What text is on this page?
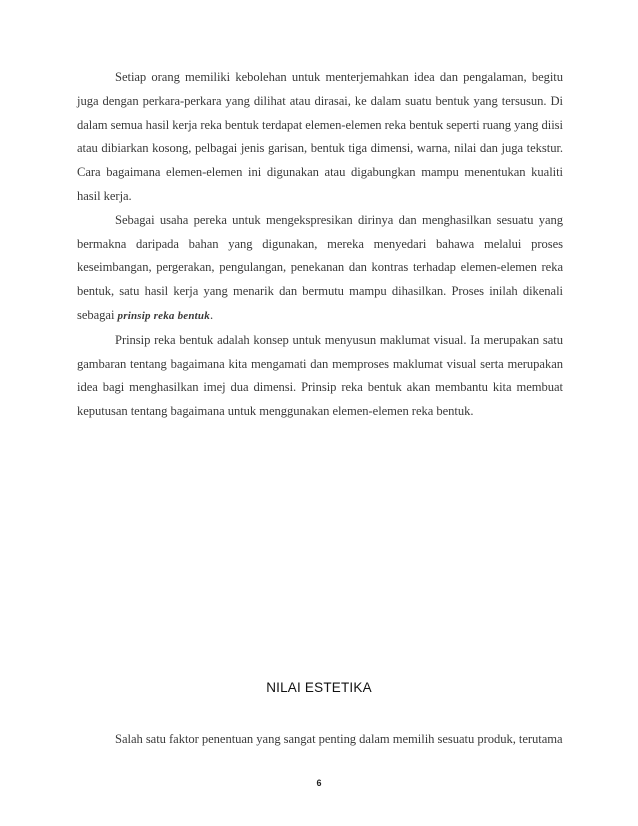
Setiap orang memiliki kebolehan untuk menterjemahkan idea dan pengalaman, begitu juga dengan perkara-perkara yang dilihat atau dirasai, ke dalam suatu bentuk yang tersusun. Di dalam semua hasil kerja reka bentuk terdapat elemen-elemen reka bentuk seperti ruang yang diisi atau dibiarkan kosong, pelbagai jenis garisan, bentuk tiga dimensi, warna, nilai dan juga tekstur. Cara bagaimana elemen-elemen ini digunakan atau digabungkan mampu menentukan kualiti hasil kerja.

Sebagai usaha pereka untuk mengekspresikan dirinya dan menghasilkan sesuatu yang bermakna daripada bahan yang digunakan, mereka menyedari bahawa melalui proses keseimbangan, pergerakan, pengulangan, penekanan dan kontras terhadap elemen-elemen reka bentuk, satu hasil kerja yang menarik dan bermutu mampu dihasilkan. Proses inilah dikenali sebagai prinsip reka bentuk.

Prinsip reka bentuk adalah konsep untuk menyusun maklumat visual. Ia merupakan satu gambaran tentang bagaimana kita mengamati dan memproses maklumat visual serta merupakan idea bagi menghasilkan imej dua dimensi. Prinsip reka bentuk akan membantu kita membuat keputusan tentang bagaimana untuk menggunakan elemen-elemen reka bentuk.

NILAI ESTETIKA

Salah satu faktor penentuan yang sangat penting dalam memilih sesuatu produk, terutama

6
